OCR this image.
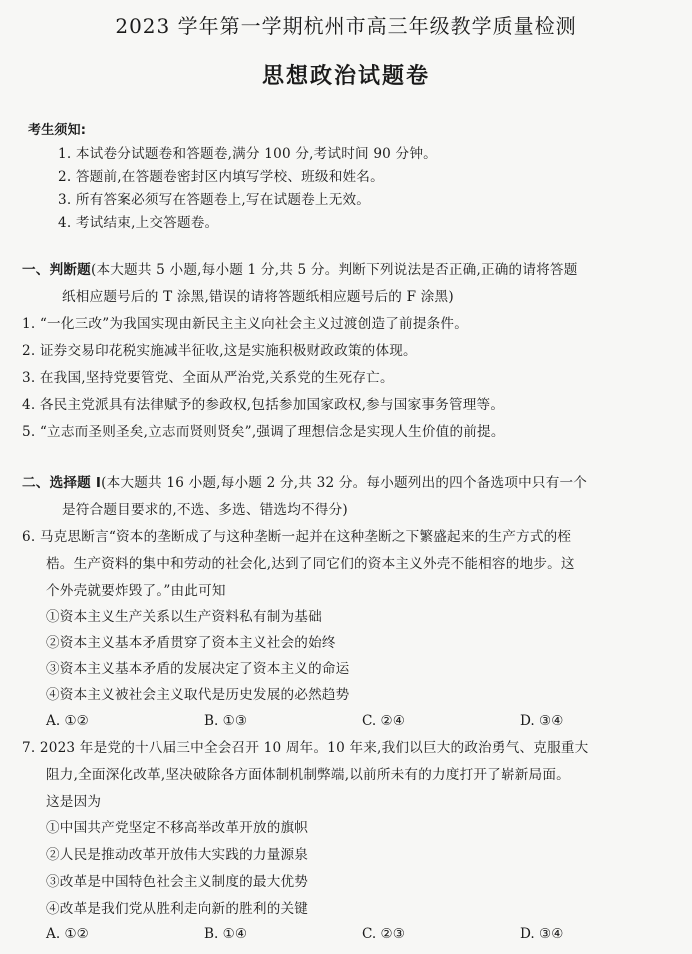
2023 学年第一学期杭州市高三年级教学质量检测
思想政治试题卷
考生须知:
1. 本试卷分试题卷和答题卷,满分 100 分,考试时间 90 分钟。
2. 答题前,在答题卷密封区内填写学校、班级和姓名。
3. 所有答案必须写在答题卷上,写在试题卷上无效。
4. 考试结束,上交答题卷。
一、判断题(本大题共 5 小题,每小题 1 分,共 5 分。判断下列说法是否正确,正确的请将答题
纸相应题号后的 T 涂黑,错误的请将答题纸相应题号后的 F 涂黑)
1. “一化三改”为我国实现由新民主主义向社会主义过渡创造了前提条件。
2. 证券交易印花税实施减半征收,这是实施积极财政政策的体现。
3. 在我国,坚持党要管党、全面从严治党,关系党的生死存亡。
4. 各民主党派具有法律赋予的参政权,包括参加国家政权,参与国家事务管理等。
5. “立志而圣则圣矣,立志而贤则贤矣”,强调了理想信念是实现人生价值的前提。
二、选择题 Ⅰ(本大题共 16 小题,每小题 2 分,共 32 分。每小题列出的四个备选项中只有一个
是符合题目要求的,不选、多选、错选均不得分)
6. 马克思断言“资本的垄断成了与这种垄断一起并在这种垄断之下繁盛起来的生产方式的桎
梏。生产资料的集中和劳动的社会化,达到了同它们的资本主义外壳不能相容的地步。这
个外壳就要炸毁了。”由此可知
①资本主义生产关系以生产资料私有制为基础
②资本主义基本矛盾贯穿了资本主义社会的始终
③资本主义基本矛盾的发展决定了资本主义的命运
④资本主义被社会主义取代是历史发展的必然趋势
A. ①②	B. ①③	C. ②④	D. ③④
7. 2023 年是党的十八届三中全会召开 10 周年。10 年来,我们以巨大的政治勇气、克服重大
阻力,全面深化改革,坚决破除各方面体制机制弊端,以前所未有的力度打开了崭新局面。
这是因为
①中国共产党坚定不移高举改革开放的旗帜
②人民是推动改革开放伟大实践的力量源泉
③改革是中国特色社会主义制度的最大优势
④改革是我们党从胜利走向新的胜利的关键
A. ①②	B. ①④	C. ②③	D. ③④
